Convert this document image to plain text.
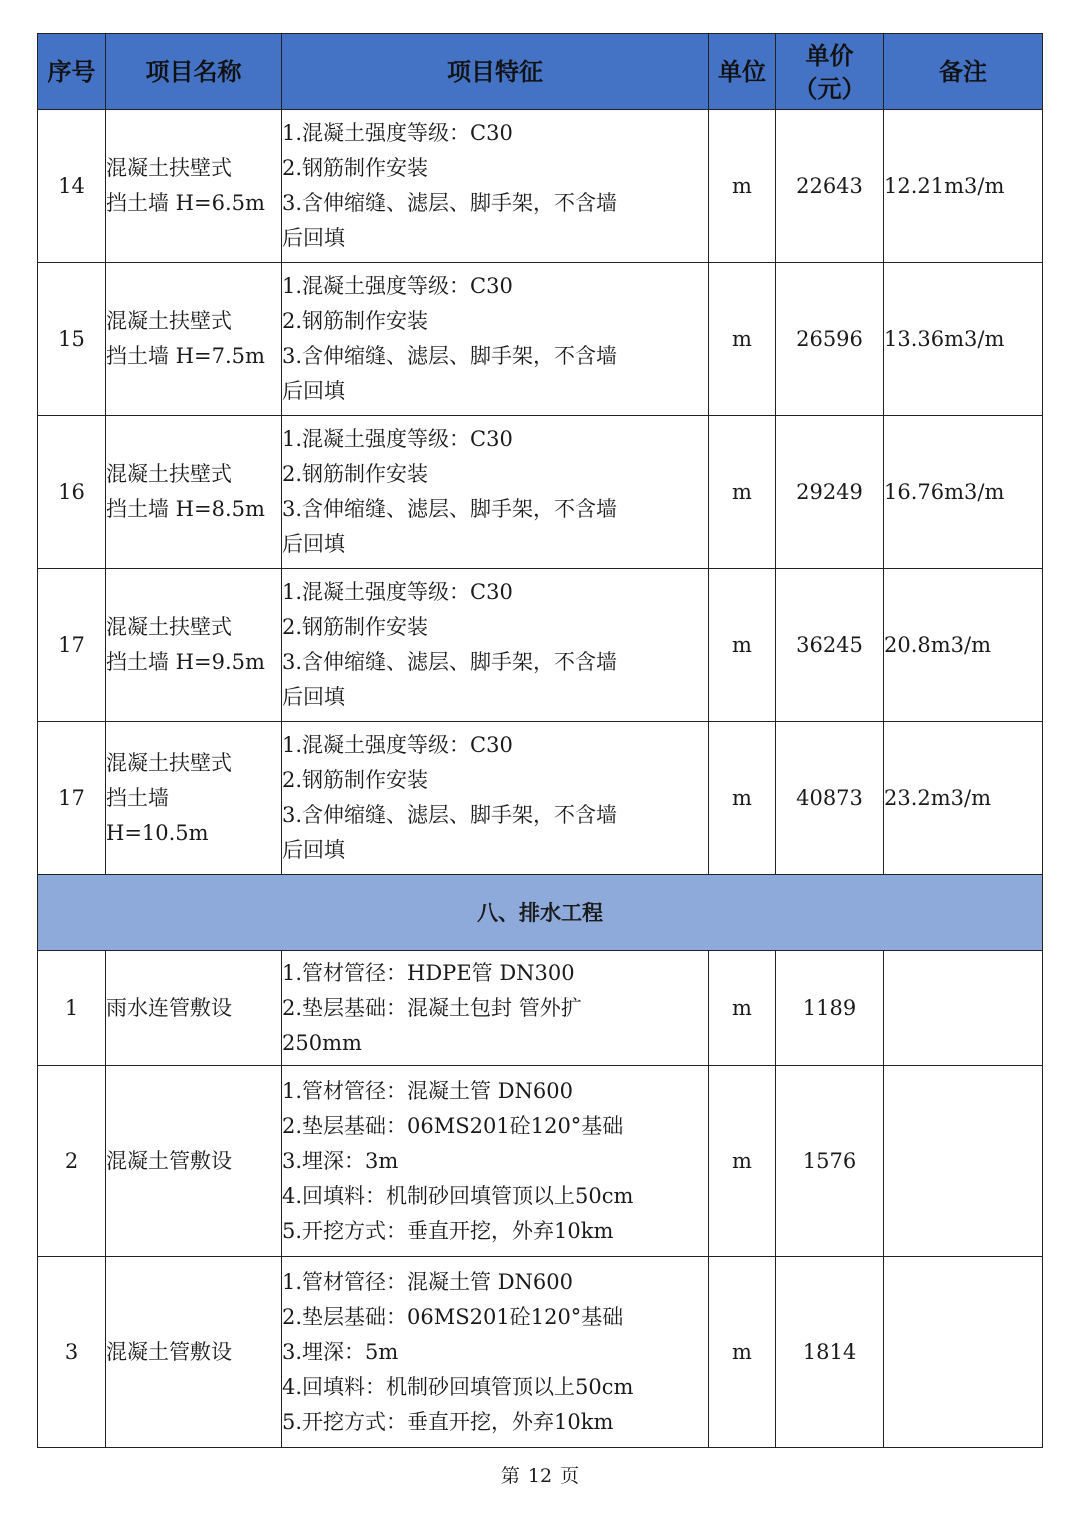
序号	项目名称	项目特征	单位	单价
（元）	备注
14	混凝土扶壁式
挡土墙 H=6.5m	1.混凝土强度等级：C30
2.钢筋制作安装
3.含伸缩缝、滤层、脚手架，不含墙
后回填	m	22643	12.21m3/m
15	混凝土扶壁式
挡土墙 H=7.5m	1.混凝土强度等级：C30
2.钢筋制作安装
3.含伸缩缝、滤层、脚手架，不含墙
后回填	m	26596	13.36m3/m
16	混凝土扶壁式
挡土墙 H=8.5m	1.混凝土强度等级：C30
2.钢筋制作安装
3.含伸缩缝、滤层、脚手架，不含墙
后回填	m	29249	16.76m3/m
17	混凝土扶壁式
挡土墙 H=9.5m	1.混凝土强度等级：C30
2.钢筋制作安装
3.含伸缩缝、滤层、脚手架，不含墙
后回填	m	36245	20.8m3/m
17	混凝土扶壁式
挡土墙
H=10.5m	1.混凝土强度等级：C30
2.钢筋制作安装
3.含伸缩缝、滤层、脚手架，不含墙
后回填	m	40873	23.2m3/m
八、排水工程					
1	雨水连管敷设	1.管材管径：HDPE管 DN300
2.垫层基础：混凝土包封 管外扩
250mm	m	1189	
2	混凝土管敷设	1.管材管径：混凝土管 DN600
2.垫层基础：06MS201砼120°基础
3.埋深：3m
4.回填料：机制砂回填管顶以上50cm
5.开挖方式：垂直开挖，外弃10km	m	1576	
3	混凝土管敷设	1.管材管径：混凝土管 DN600
2.垫层基础：06MS201砼120°基础
3.埋深：5m
4.回填料：机制砂回填管顶以上50cm
5.开挖方式：垂直开挖，外弃10km	m	1814	
第 12 页
